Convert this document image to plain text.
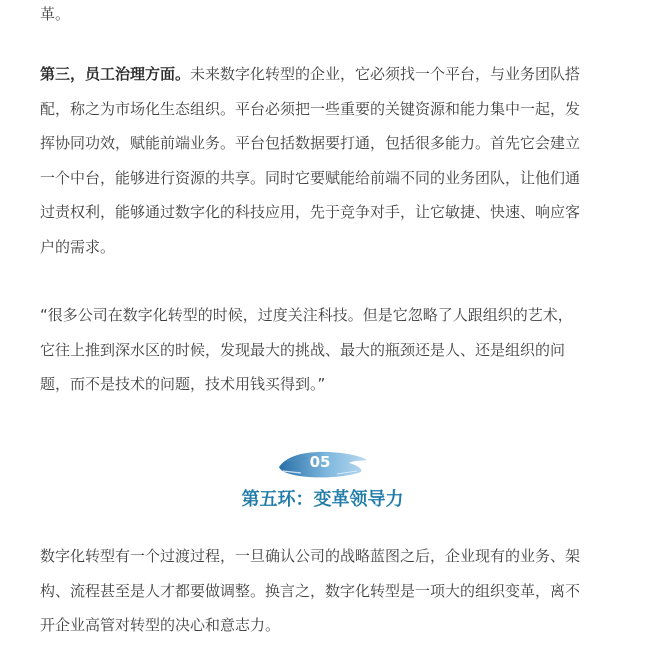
革。

第三，员工治理方面。未来数字化转型的企业，它必须找一个平台，与业务团队搭
配，称之为市场化生态组织。平台必须把一些重要的关键资源和能力集中一起，发
挥协同功效，赋能前端业务。平台包括数据要打通，包括很多能力。首先它会建立
一个中台，能够进行资源的共享。同时它要赋能给前端不同的业务团队，让他们通
过责权利，能够通过数字化的科技应用，先于竞争对手，让它敏捷、快速、响应客
户的需求。

“很多公司在数字化转型的时候，过度关注科技。但是它忽略了人跟组织的艺术，
它往上推到深水区的时候，发现最大的挑战、最大的瓶颈还是人、还是组织的问
题，而不是技术的问题，技术用钱买得到。”

05
第五环：变革领导力

数字化转型有一个过渡过程，一旦确认公司的战略蓝图之后，企业现有的业务、架
构、流程甚至是人才都要做调整。换言之，数字化转型是一项大的组织变革，离不
开企业高管对转型的决心和意志力。
